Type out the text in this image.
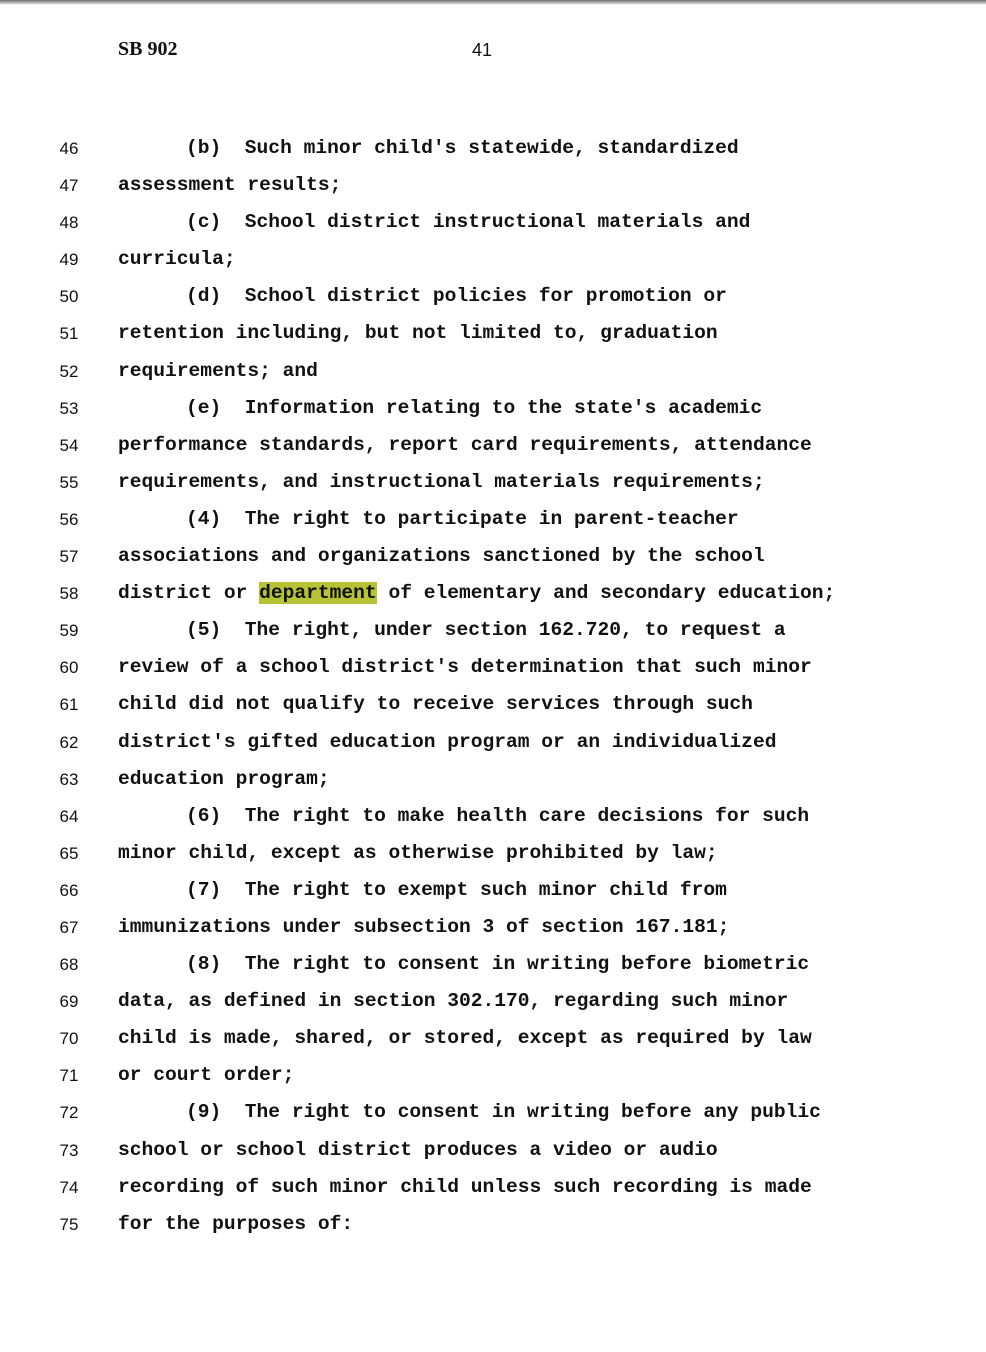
SB 902	41
46	(b)  Such minor child's statewide, standardized
47	assessment results;
48	(c)  School district instructional materials and
49	curricula;
50	(d)  School district policies for promotion or
51	retention including, but not limited to, graduation
52	requirements; and
53	(e)  Information relating to the state's academic
54	performance standards, report card requirements, attendance
55	requirements, and instructional materials requirements;
56	(4)  The right to participate in parent-teacher
57	associations and organizations sanctioned by the school
58	district or department of elementary and secondary education;
59	(5)  The right, under section 162.720, to request a
60	review of a school district's determination that such minor
61	child did not qualify to receive services through such
62	district's gifted education program or an individualized
63	education program;
64	(6)  The right to make health care decisions for such
65	minor child, except as otherwise prohibited by law;
66	(7)  The right to exempt such minor child from
67	immunizations under subsection 3 of section 167.181;
68	(8)  The right to consent in writing before biometric
69	data, as defined in section 302.170, regarding such minor
70	child is made, shared, or stored, except as required by law
71	or court order;
72	(9)  The right to consent in writing before any public
73	school or school district produces a video or audio
74	recording of such minor child unless such recording is made
75	for the purposes of:
